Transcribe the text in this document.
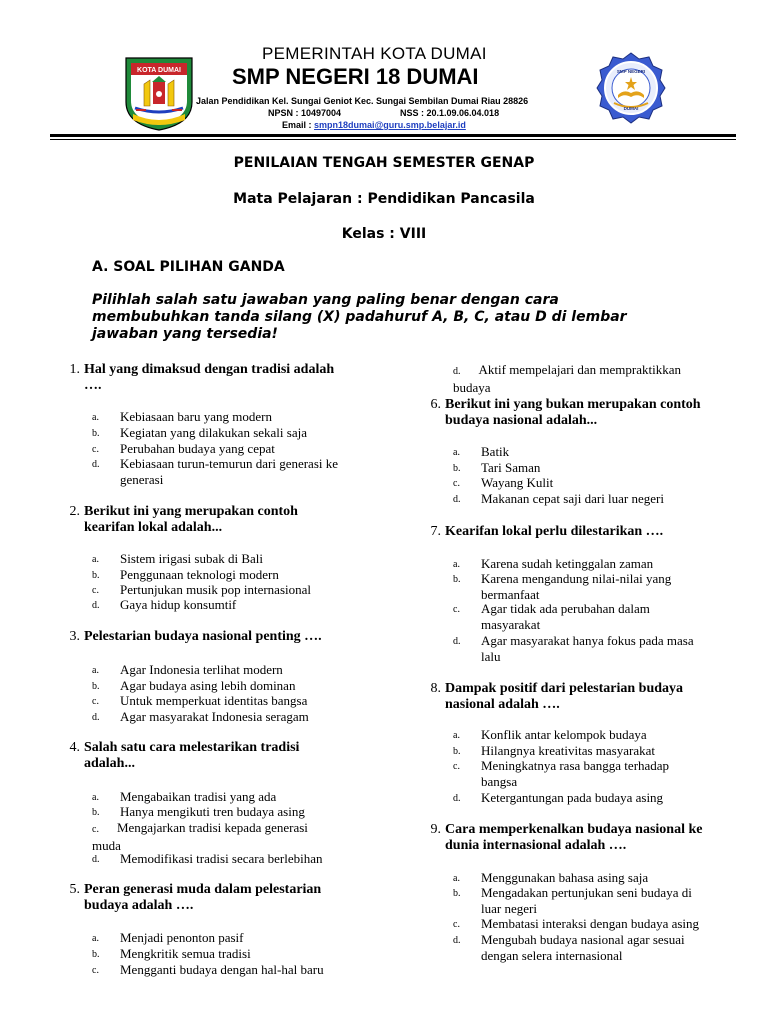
KOTA DUMAI
PEMERINTAH KOTA DUMAI
SMP NEGERI 18 DUMAI
Jalan Pendidikan Kel. Sungai Geniot Kec. Sungai Sembilan Dumai Riau 28826
NPSN : 10497004	NSS : 20.1.09.06.04.018
Email : smpn18dumai@guru.smp.belajar.id
SMP NEGERI
DUMAI
PENILAIAN TENGAH SEMESTER GENAP
Mata Pelajaran : Pendidikan Pancasila
Kelas : VIII
A. SOAL PILIHAN GANDA
Pilihlah salah satu jawaban yang paling benar dengan cara
membubuhkan tanda silang (X) padahuruf A, B, C, atau D di lembar
jawaban yang tersedia!
1. Hal yang dimaksud dengan tradisi adalah
….
a. Kebiasaan baru yang modern
b. Kegiatan yang dilakukan sekali saja
c. Perubahan budaya yang cepat
d. Kebiasaan turun-temurun dari generasi ke
generasi
2. Berikut ini yang merupakan contoh
kearifan lokal adalah...
a. Sistem irigasi subak di Bali
b. Penggunaan teknologi modern
c. Pertunjukan musik pop internasional
d. Gaya hidup konsumtif
3. Pelestarian budaya nasional penting ….
a. Agar Indonesia terlihat modern
b. Agar budaya asing lebih dominan
c. Untuk memperkuat identitas bangsa
d. Agar masyarakat Indonesia seragam
4. Salah satu cara melestarikan tradisi
adalah...
a. Mengabaikan tradisi yang ada
b. Hanya mengikuti tren budaya asing
c. Mengajarkan tradisi kepada generasi
muda
d. Memodifikasi tradisi secara berlebihan
5. Peran generasi muda dalam pelestarian
budaya adalah ….
a. Menjadi penonton pasif
b. Mengkritik semua tradisi
c. Mengganti budaya dengan hal-hal baru
d. Aktif mempelajari dan mempraktikkan
budaya
6. Berikut ini yang bukan merupakan contoh
budaya nasional adalah...
a. Batik
b. Tari Saman
c. Wayang Kulit
d. Makanan cepat saji dari luar negeri
7. Kearifan lokal perlu dilestarikan ….
a. Karena sudah ketinggalan zaman
b. Karena mengandung nilai-nilai yang
bermanfaat
c. Agar tidak ada perubahan dalam
masyarakat
d. Agar masyarakat hanya fokus pada masa
lalu
8. Dampak positif dari pelestarian budaya
nasional adalah ….
a. Konflik antar kelompok budaya
b. Hilangnya kreativitas masyarakat
c. Meningkatnya rasa bangga terhadap
bangsa
d. Ketergantungan pada budaya asing
9. Cara memperkenalkan budaya nasional ke
dunia internasional adalah ….
a. Menggunakan bahasa asing saja
b. Mengadakan pertunjukan seni budaya di
luar negeri
c. Membatasi interaksi dengan budaya asing
d. Mengubah budaya nasional agar sesuai
dengan selera internasional
